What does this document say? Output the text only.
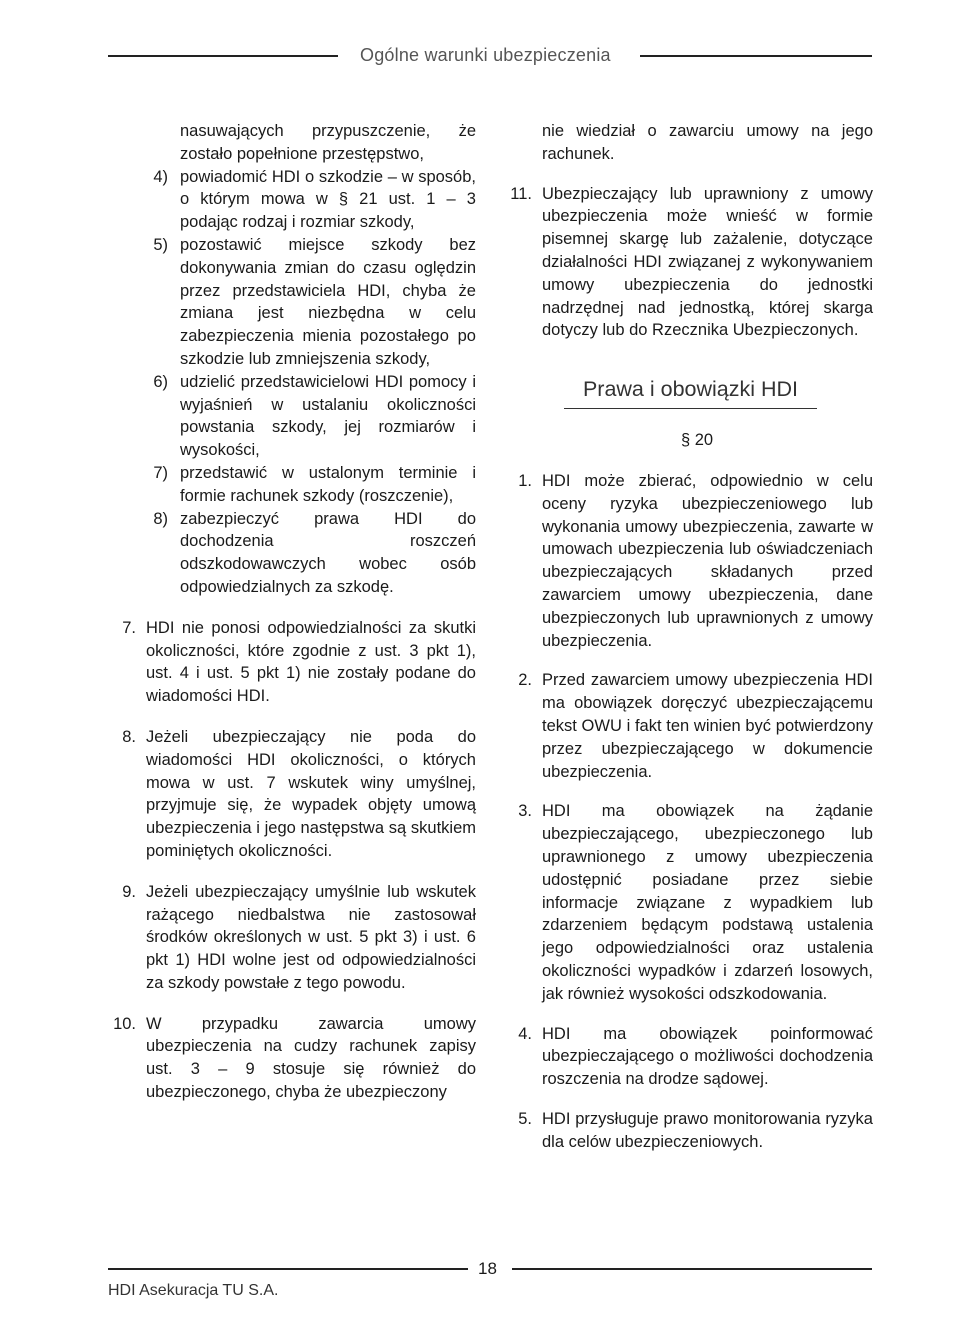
Ogólne warunki ubezpieczenia

nasuwających przypuszczenie, że zostało popełnione przestępstwo,

4) powiadomić HDI o szkodzie – w sposób, o którym mowa w § 21 ust. 1 – 3 podając rodzaj i rozmiar szkody,

5) pozostawić miejsce szkody bez dokonywania zmian do czasu oględzin przez przedstawiciela HDI, chyba że zmiana jest niezbędna w celu zabezpieczenia mienia pozostałego po szkodzie lub zmniejszenia szkody,

6) udzielić przedstawicielowi HDI pomocy i wyjaśnień w ustalaniu okoliczności powstania szkody, jej rozmiarów i wysokości,

7) przedstawić w ustalonym terminie i formie rachunek szkody (roszczenie),

8) zabezpieczyć prawa HDI do dochodzenia roszczeń odszkodowawczych wobec osób odpowiedzialnych za szkodę.

7. HDI nie ponosi odpowiedzialności za skutki okoliczności, które zgodnie z ust. 3 pkt 1), ust. 4 i ust. 5 pkt 1) nie zostały podane do wiadomości HDI.

8. Jeżeli ubezpieczający nie poda do wiadomości HDI okoliczności, o których mowa w ust. 7 wskutek winy umyślnej, przyjmuje się, że wypadek objęty umową ubezpieczenia i jego następstwa są skutkiem pominiętych okoliczności.

9. Jeżeli ubezpieczający umyślnie lub wskutek rażącego niedbalstwa nie zastosował środków określonych w ust. 5 pkt 3) i ust. 6 pkt 1) HDI wolne jest od odpowiedzialności za szkody powstałe z tego powodu.

10. W przypadku zawarcia umowy ubezpieczenia na cudzy rachunek zapisy ust. 3 – 9 stosuje się również do ubezpieczonego, chyba że ubezpieczony

nie wiedział o zawarciu umowy na jego rachunek.

11. Ubezpieczający lub uprawniony z umowy ubezpieczenia może wnieść w formie pisemnej skargę lub zażalenie, dotyczące działalności HDI związanej z wykonywaniem umowy ubezpieczenia do jednostki nadrzędnej nad jednostką, której skarga dotyczy lub do Rzecznika Ubezpieczonych.

Prawa i obowiązki HDI
§ 20

1. HDI może zbierać, odpowiednio w celu oceny ryzyka ubezpieczeniowego lub wykonania umowy ubezpieczenia, zawarte w umowach ubezpieczenia lub oświadczeniach ubezpieczających składanych przed zawarciem umowy ubezpieczenia, dane ubezpieczonych lub uprawnionych z umowy ubezpieczenia.

2. Przed zawarciem umowy ubezpieczenia HDI ma obowiązek doręczyć ubezpieczającemu tekst OWU i fakt ten winien być potwierdzony przez ubezpieczającego w dokumencie ubezpieczenia.

3. HDI ma obowiązek na żądanie ubezpieczającego, ubezpieczonego lub uprawnionego z umowy ubezpieczenia udostępnić posiadane przez siebie informacje związane z wypadkiem lub zdarzeniem będącym podstawą ustalenia jego odpowiedzialności oraz ustalenia okoliczności wypadków i zdarzeń losowych, jak również wysokości odszkodowania.

4. HDI ma obowiązek poinformować ubezpieczającego o możliwości dochodzenia roszczenia na drodze sądowej.

5. HDI przysługuje prawo monitorowania ryzyka dla celów ubezpieczeniowych.

18
HDI Asekuracja TU S.A.
